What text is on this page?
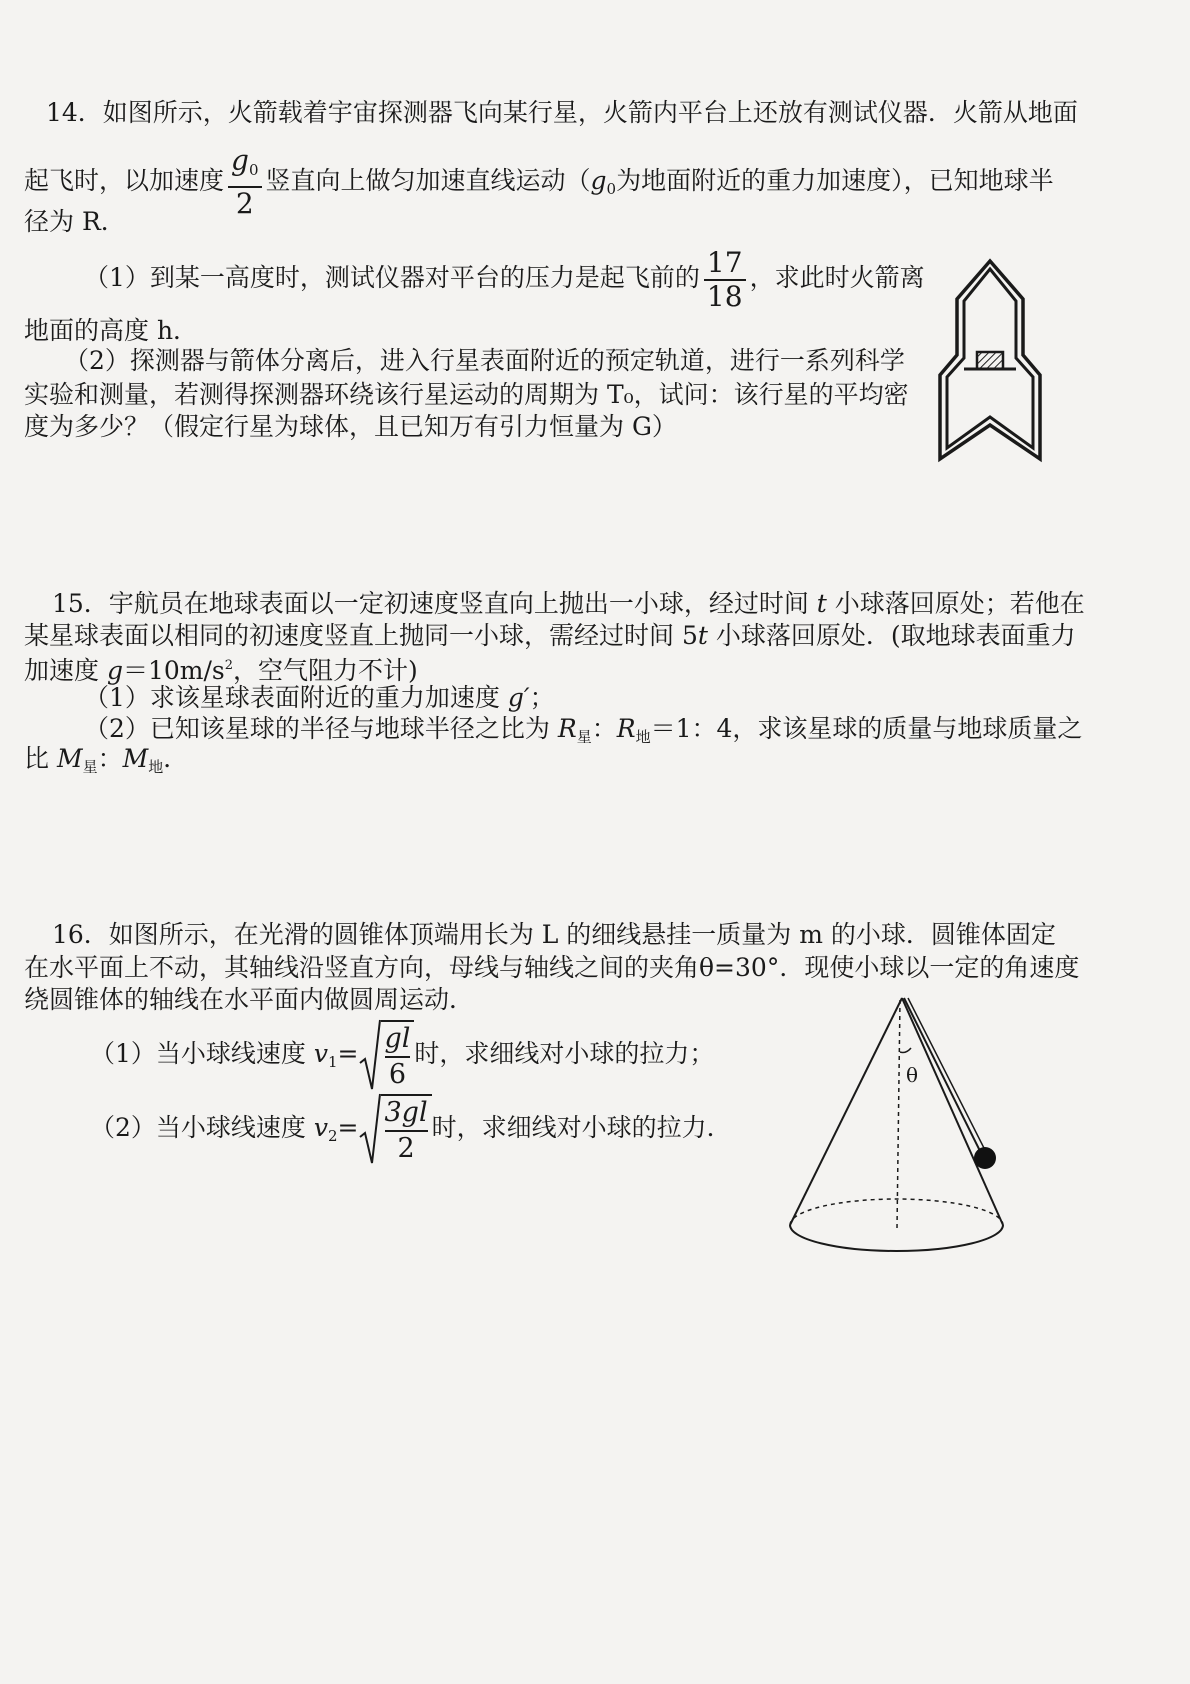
14．如图所示，火箭载着宇宙探测器飞向某行星，火箭内平台上还放有测试仪器．火箭从地面
起飞时，以加速度 $\frac{g_0}{2}$ 竖直向上做匀加速直线运动（$g_0$为地面附近的重力加速度），已知地球半
径为 R．
（1）到某一高度时，测试仪器对平台的压力是起飞前的 $\frac{17}{18}$ ，求此时火箭离
地面的高度 h．
（2）探测器与箭体分离后，进入行星表面附近的预定轨道，进行一系列科学
实验和测量，若测得探测器环绕该行星运动的周期为 T₀，试问：该行星的平均密
度为多少？（假定行星为球体，且已知万有引力恒量为 G）
15．宇航员在地球表面以一定初速度竖直向上抛出一小球，经过时间 t 小球落回原处；若他在
某星球表面以相同的初速度竖直上抛同一小球，需经过时间 5t 小球落回原处．(取地球表面重力
加速度 $g=10m/s^2$，空气阻力不计)
（1）求该星球表面附近的重力加速度 g′；
（2）已知该星球的半径与地球半径之比为 $R_星$：$R_地=1$：4，求该星球的质量与地球质量之
比 $M_星$：$M_地$．
16．如图所示，在光滑的圆锥体顶端用长为 L 的细线悬挂一质量为 m 的小球．圆锥体固定
在水平面上不动，其轴线沿竖直方向，母线与轴线之间的夹角θ=30°．现使小球以一定的角速度
绕圆锥体的轴线在水平面内做圆周运动．
（1）当小球线速度 $v_1= \frac{gl}{6}$ 时，求细线对小球的拉力；
（2）当小球线速度 $v_2= \frac{3gl}{2}$ 时，求细线对小球的拉力．
θ
